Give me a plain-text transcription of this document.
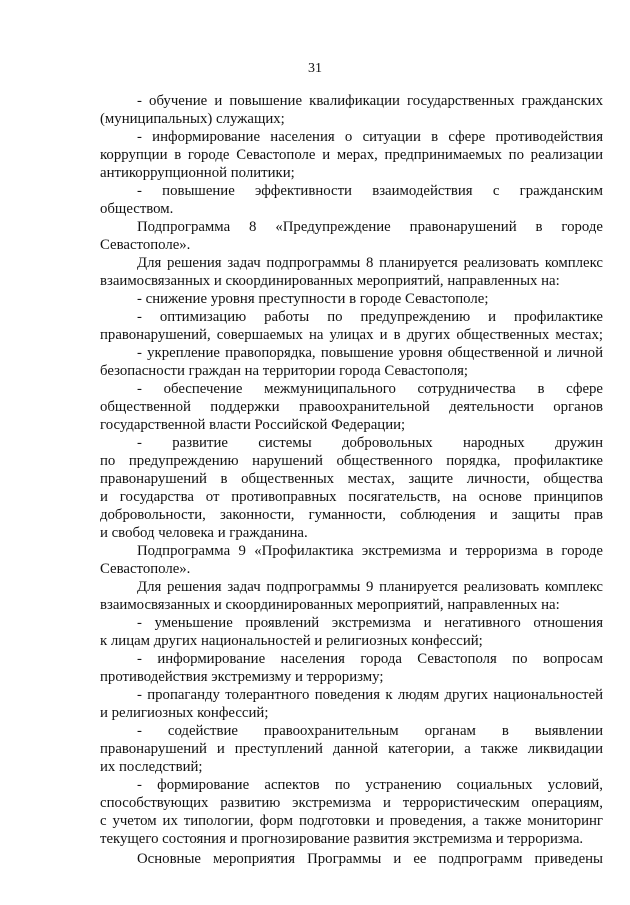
31
- обучение и повышение квалификации государственных гражданских
(муниципальных) служащих;
- информирование населения о ситуации в сфере противодействия
коррупции в городе Севастополе и мерах, предпринимаемых по реализации
антикоррупционной политики;
- повышение эффективности взаимодействия с гражданским
обществом.
Подпрограмма 8 «Предупреждение правонарушений в городе
Севастополе».
Для решения задач подпрограммы 8 планируется реализовать комплекс
взаимосвязанных и скоординированных мероприятий, направленных на:
- снижение уровня преступности в городе Севастополе;
- оптимизацию работы по предупреждению и профилактике
правонарушений, совершаемых на улицах и в других общественных местах;
- укрепление правопорядка, повышение уровня общественной и личной
безопасности граждан на территории города Севастополя;
- обеспечение межмуниципального сотрудничества в сфере
общественной поддержки правоохранительной деятельности органов
государственной власти Российской Федерации;
- развитие системы добровольных народных дружин
по предупреждению нарушений общественного порядка, профилактике
правонарушений в общественных местах, защите личности, общества
и государства от противоправных посягательств, на основе принципов
добровольности, законности, гуманности, соблюдения и защиты прав
и свобод человека и гражданина.
Подпрограмма 9 «Профилактика экстремизма и терроризма в городе
Севастополе».
Для решения задач подпрограммы 9 планируется реализовать комплекс
взаимосвязанных и скоординированных мероприятий, направленных на:
- уменьшение проявлений экстремизма и негативного отношения
к лицам других национальностей и религиозных конфессий;
- информирование населения города Севастополя по вопросам
противодействия экстремизму и терроризму;
- пропаганду толерантного поведения к людям других национальностей
и религиозных конфессий;
- содействие правоохранительным органам в выявлении
правонарушений и преступлений данной категории, а также ликвидации
их последствий;
- формирование аспектов по устранению социальных условий,
способствующих развитию экстремизма и террористическим операциям,
с учетом их типологии, форм подготовки и проведения, а также мониторинг
текущего состояния и прогнозирование развития экстремизма и терроризма.
Основные мероприятия Программы и ее подпрограмм приведены
